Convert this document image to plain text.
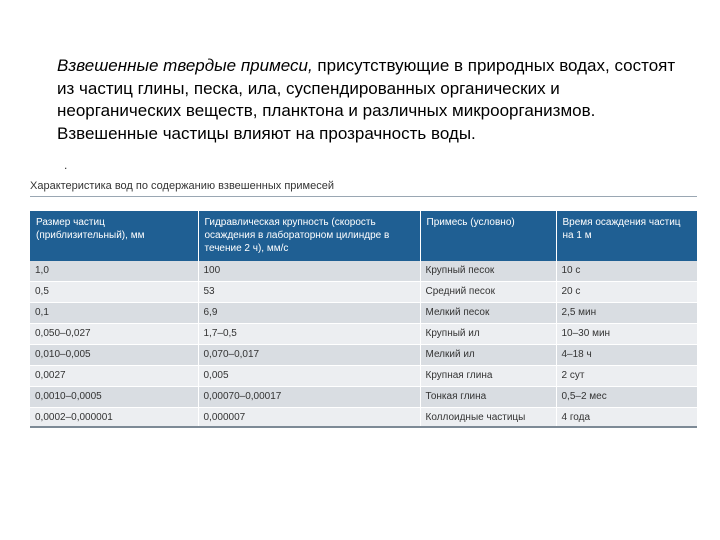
Взвешенные твердые примеси, присутствующие в природных водах, состоят из частиц глины, песка, ила, суспендированных органических и неорганических веществ, планктона и различных микроорганизмов. Взвешенные частицы влияют на прозрачность воды.

.
Характеристика вод по содержанию взвешенных примесей
Размер частиц (приблизительный), мм	Гидравлическая крупность (скорость осаждения в лабораторном цилиндре в течение 2 ч), мм/с	Примесь (условно)	Время осаждения частиц на 1 м
1,0	100	Крупный песок	10 с
0,5	53	Средний песок	20 с
0,1	6,9	Мелкий песок	2,5 мин
0,050–0,027	1,7–0,5	Крупный ил	10–30 мин
0,010–0,005	0,070–0,017	Мелкий ил	4–18 ч
0,0027	0,005	Крупная глина	2 сут
0,0010–0,0005	0,00070–0,00017	Тонкая глина	0,5–2 мес
0,0002–0,000001	0,000007	Коллоидные частицы	4 года
